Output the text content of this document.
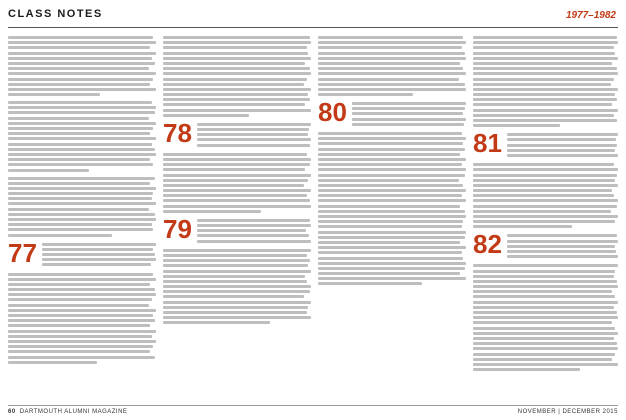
CLASS NOTES	1977–1982
77
78
79
80
81
82
60 DARTMOUTH ALUMNI MAGAZINE	NOVEMBER | DECEMBER 2015
